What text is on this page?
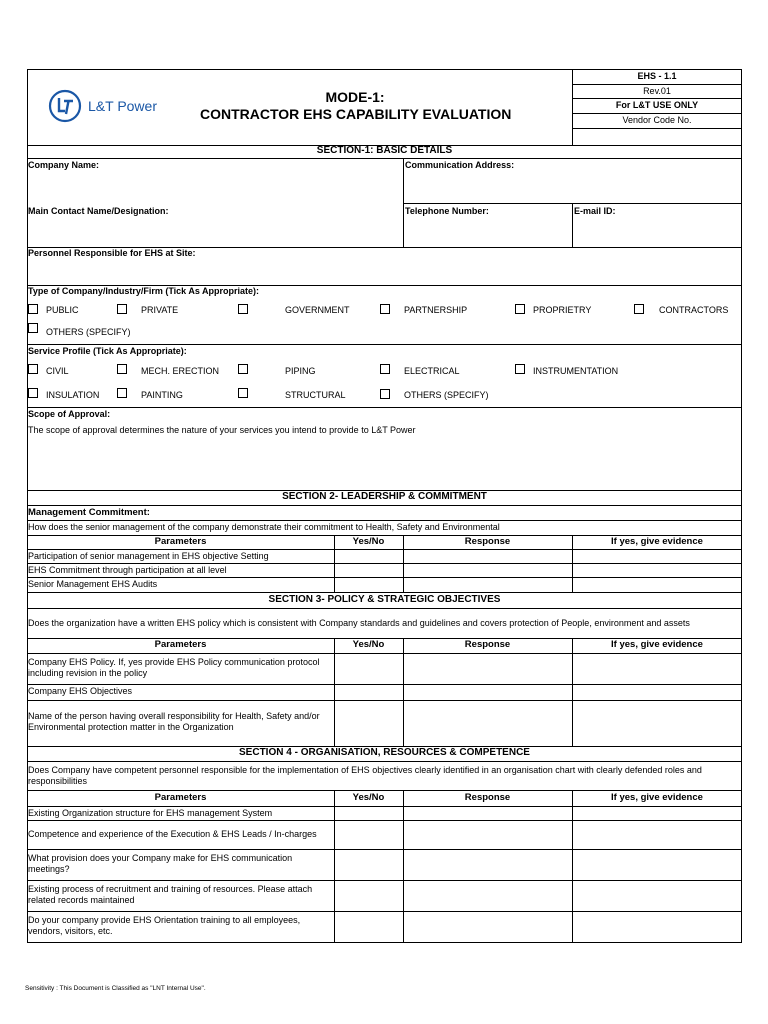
L&T Power
MODE-1:
CONTRACTOR EHS CAPABILITY EVALUATION
EHS - 1.1
Rev.01
For L&T USE ONLY
Vendor Code No.
SECTION-1: BASIC DETAILS
Company Name:	Communication Address:
Main Contact Name/Designation:	Telephone Number:	E-mail ID:
Personnel Responsible for EHS at Site:
Type of Company/Industry/Firm (Tick As Appropriate):
PUBLIC	PRIVATE	GOVERNMENT	PARTNERSHIP	PROPRIETRY	CONTRACTORS
OTHERS (SPECIFY)
Service Profile (Tick As Appropriate):
CIVIL	MECH. ERECTION	PIPING	ELECTRICAL	INSTRUMENTATION
INSULATION	PAINTING	STRUCTURAL	OTHERS (SPECIFY)
Scope of Approval:
The scope of approval determines the nature of your services you intend to provide to L&T Power
SECTION 2- LEADERSHIP & COMMITMENT
Management Commitment:
How does the senior management of the company demonstrate their commitment to Health, Safety and Environmental
Parameters	Yes/No	Response	If yes, give evidence
Participation of senior management in EHS objective Setting
EHS Commitment through participation at all level
Senior Management EHS Audits
SECTION 3- POLICY & STRATEGIC OBJECTIVES
Does the organization have a written EHS policy which is consistent with Company standards and guidelines and covers protection of People, environment and assets
Parameters	Yes/No	Response	If yes, give evidence
Company EHS Policy. If, yes provide EHS Policy communication protocol including revision in the policy
Company EHS Objectives
Name of the person having overall responsibility for Health, Safety and/or Environmental protection matter in the Organization
SECTION 4 - ORGANISATION, RESOURCES & COMPETENCE
Does Company have competent personnel responsible for the implementation of EHS objectives clearly identified in an organisation chart with clearly defended roles and responsibilities
Parameters	Yes/No	Response	If yes, give evidence
Existing Organization structure for EHS management System
Competence and experience of the Execution & EHS Leads / In-charges
What provision does your Company make for EHS communication meetings?
Existing process of recruitment and training of resources. Please attach related records maintained
Do your company provide EHS Orientation training to all employees, vendors, visitors, etc.
Sensitivity : This Document is Classified as "LNT Internal Use".
